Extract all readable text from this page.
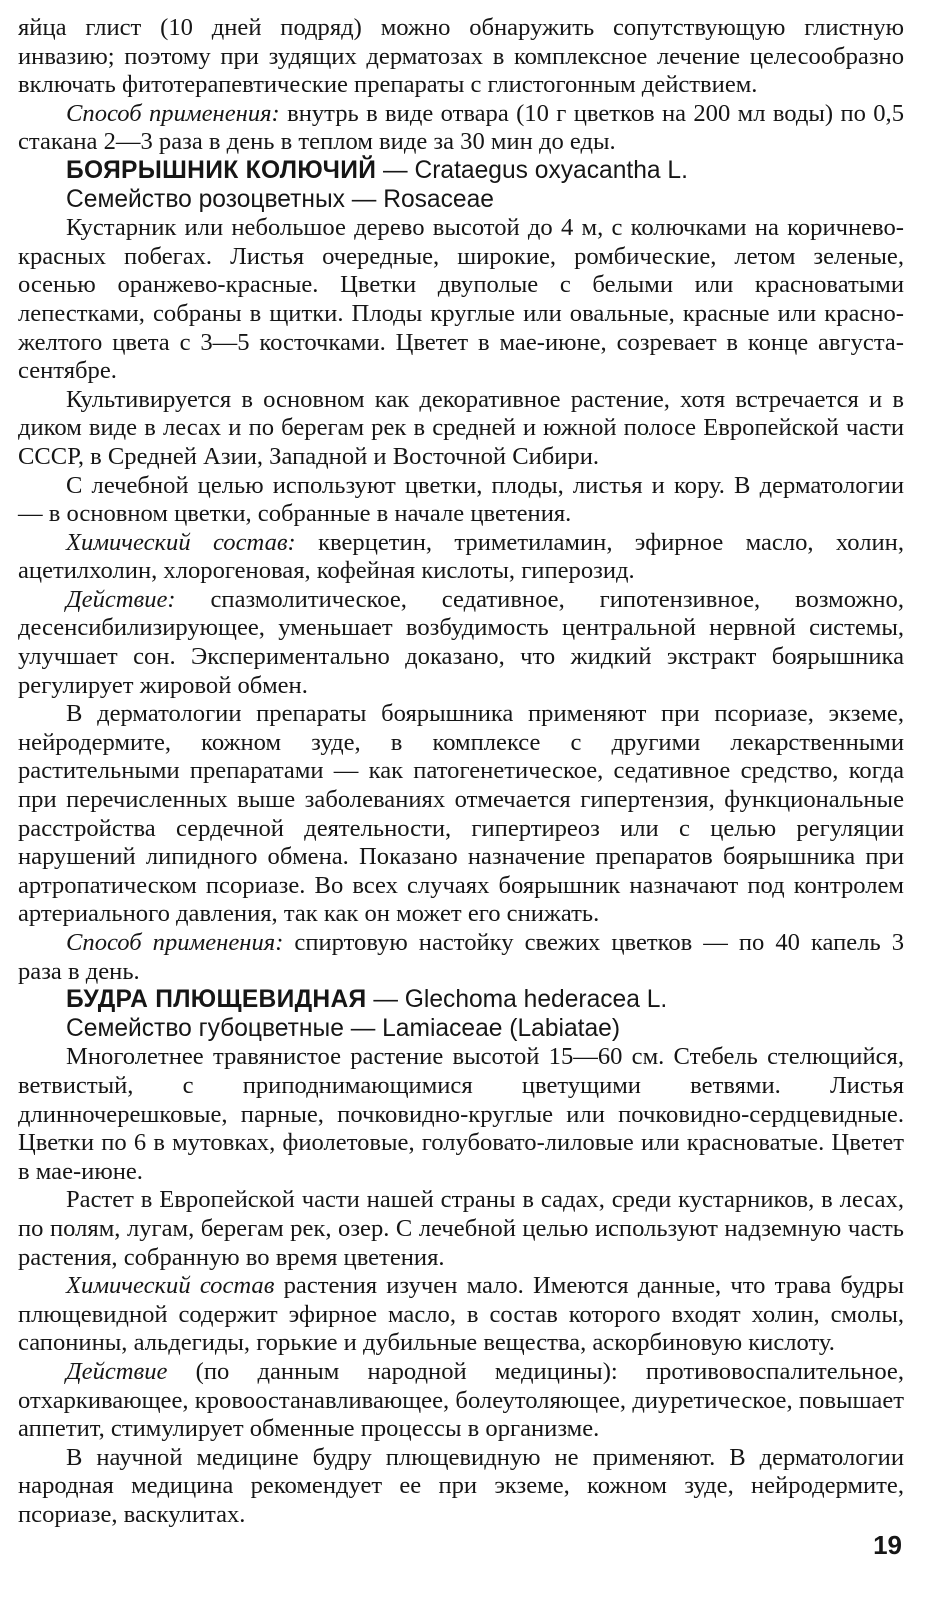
яйца глист (10 дней подряд) можно обнаружить сопутствующую глистную инвазию; поэтому при зудящих дерматозах в комплексное лечение целесообразно включать фитотерапевтические препараты с глистогонным действием.

Способ применения: внутрь в виде отвара (10 г цветков на 200 мл воды) по 0,5 стакана 2—3 раза в день в теплом виде за 30 мин до еды.

БОЯРЫШНИК КОЛЮЧИЙ — Crataegus oxyacantha L.

Семейство розоцветных — Rosaceae

Кустарник или небольшое дерево высотой до 4 м, с колючками на коричнево-красных побегах. Листья очередные, широкие, ромбические, летом зеленые, осенью оранжево-красные. Цветки двуполые с белыми или красноватыми лепестками, собраны в щитки. Плоды круглые или овальные, красные или красно-желтого цвета с 3—5 косточками. Цветет в мае-июне, созревает в конце августа-сентябре.

Культивируется в основном как декоративное растение, хотя встречается и в диком виде в лесах и по берегам рек в средней и южной полосе Европейской части СССР, в Средней Азии, Западной и Восточной Сибири.

С лечебной целью используют цветки, плоды, листья и кору. В дерматологии — в основном цветки, собранные в начале цветения.

Химический состав: кверцетин, триметиламин, эфирное масло, холин, ацетилхолин, хлорогеновая, кофейная кислоты, гиперозид.

Действие: спазмолитическое, седативное, гипотензивное, возможно, десенсибилизирующее, уменьшает возбудимость центральной нервной системы, улучшает сон. Экспериментально доказано, что жидкий экстракт боярышника регулирует жировой обмен.

В дерматологии препараты боярышника применяют при псориазе, экземе, нейродермите, кожном зуде, в комплексе с другими лекарственными растительными препаратами — как патогенетическое, седативное средство, когда при перечисленных выше заболеваниях отмечается гипертензия, функциональные расстройства сердечной деятельности, гипертиреоз или с целью регуляции нарушений липидного обмена. Показано назначение препаратов боярышника при артропатическом псориазе. Во всех случаях боярышник назначают под контролем артериального давления, так как он может его снижать.

Способ применения: спиртовую настойку свежих цветков — по 40 капель 3 раза в день.

БУДРА ПЛЮЩЕВИДНАЯ — Glechoma hederacea L.

Семейство губоцветные — Lamiaceae (Labiatae)

Многолетнее травянистое растение высотой 15—60 см. Стебель стелющийся, ветвистый, с приподнимающимися цветущими ветвями. Листья длинночерешковые, парные, почковидно-круглые или почковидно-сердцевидные. Цветки по 6 в мутовках, фиолетовые, голубовато-лиловые или красноватые. Цветет в мае-июне.

Растет в Европейской части нашей страны в садах, среди кустарников, в лесах, по полям, лугам, берегам рек, озер. С лечебной целью используют надземную часть растения, собранную во время цветения.

Химический состав растения изучен мало. Имеются данные, что трава будры плющевидной содержит эфирное масло, в состав которого входят холин, смолы, сапонины, альдегиды, горькие и дубильные вещества, аскорбиновую кислоту.

Действие (по данным народной медицины): противовоспалительное, отхаркивающее, кровоостанавливающее, болеутоляющее, диуретическое, повышает аппетит, стимулирует обменные процессы в организме.

В научной медицине будру плющевидную не применяют. В дерматологии народная медицина рекомендует ее при экземе, кожном зуде, нейродермите, псориазе, васкулитах.

19
